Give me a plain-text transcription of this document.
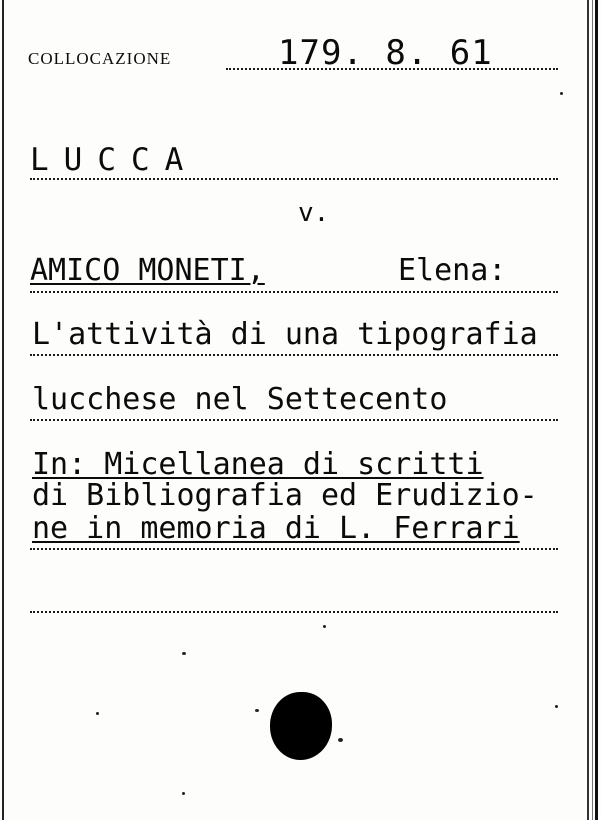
COLLOCAZIONE	179. 8. 61
LUCCA
v.
AMICO MONETI,	Elena:
L'attività di una tipografia
lucchese nel Settecento
In: Micellanea di scritti
di Bibliografia ed Erudizio-
ne in memoria di L. Ferrari
